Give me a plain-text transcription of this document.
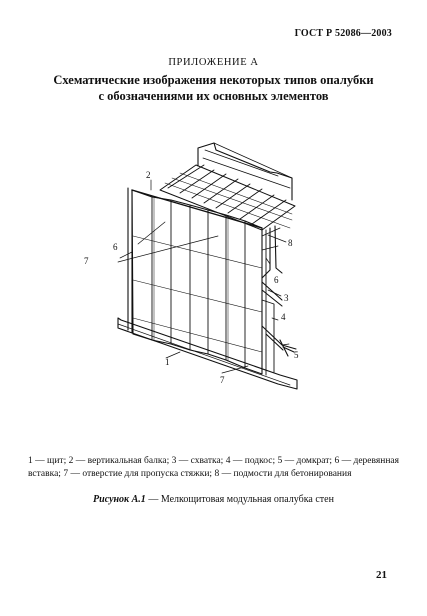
ГОСТ Р 52086—2003
ПРИЛОЖЕНИЕ А
Схематические изображения некоторых типов опалубки
с обозначениями их основных элементов
2
6
7
8
6
3
4
5
1
7
1 — щит; 2 — вертикальная балка; 3 — схватка; 4 — подкос; 5 — домкрат; 6 — деревянная вставка; 7 — отверстие для пропуска стяжки; 8 — подмости для бетонирования
Рисунок А.1 — Мелкощитовая модульная опалубка стен
21
